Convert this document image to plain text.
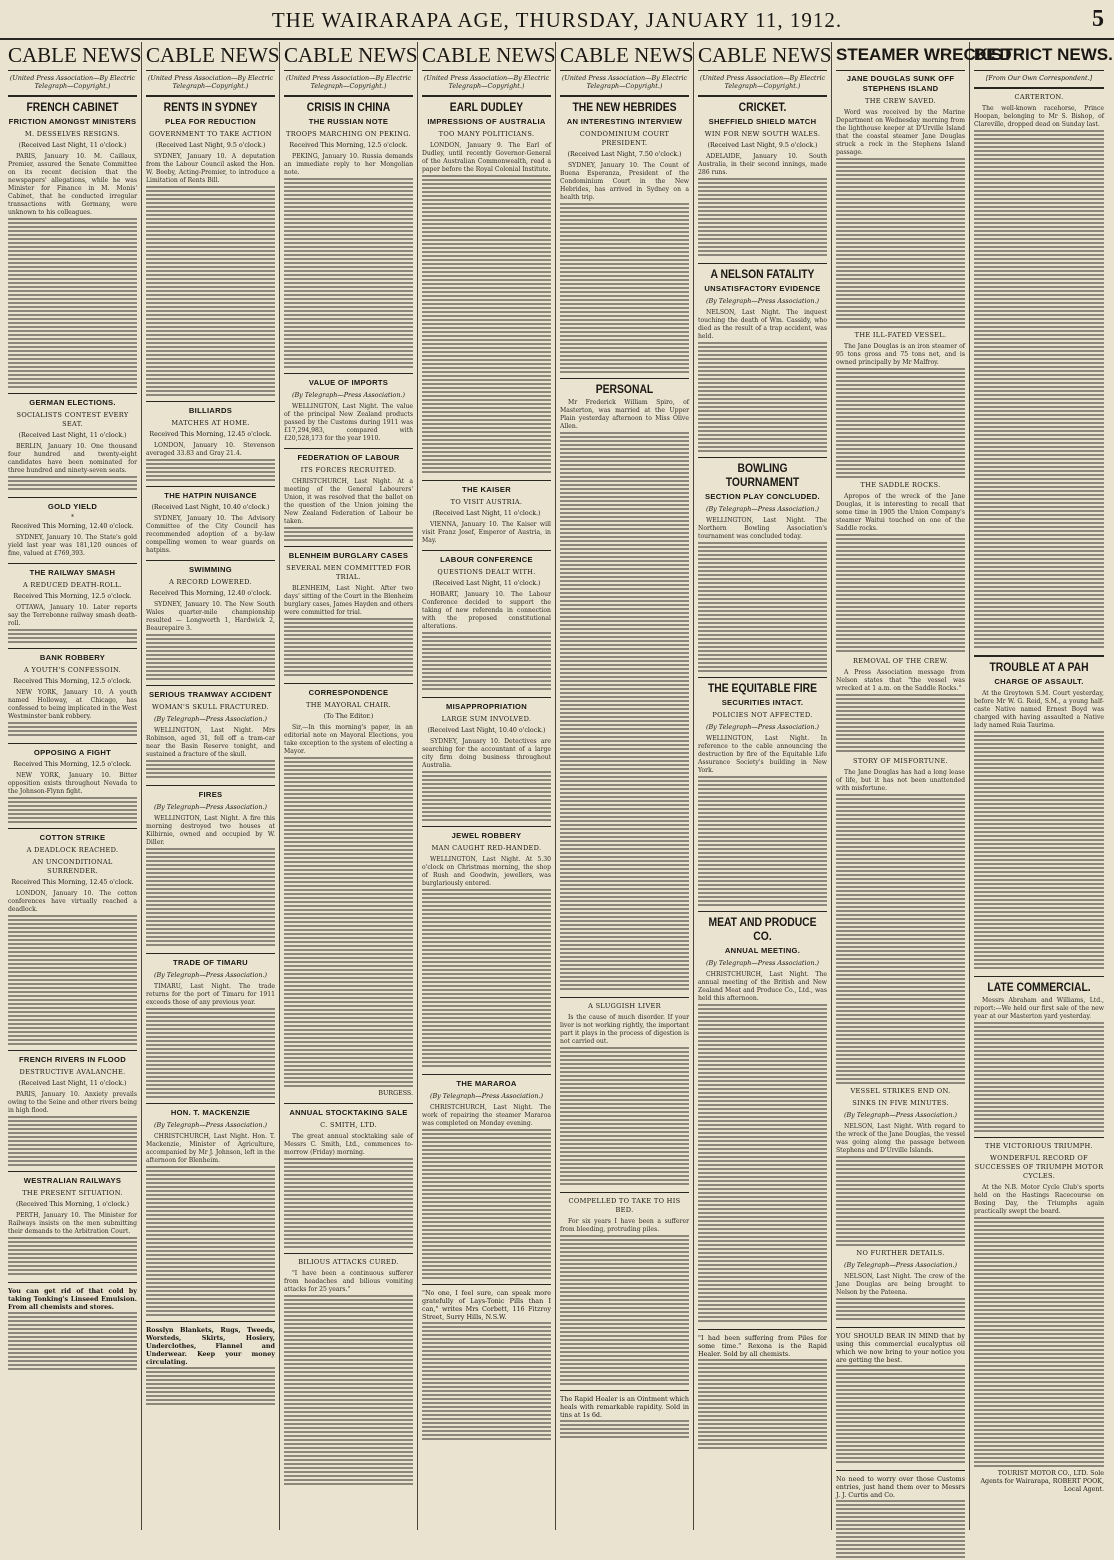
THE WAIRARAPA AGE, THURSDAY, JANUARY 11, 1912.	5
CABLE NEWS
(United Press Association—By Electric Telegraph—Copyright.)
FRENCH CABINET
FRICTION AMONGST MINISTERS
M. DESSELVES RESIGNS.
(Received Last Night, 11 o'clock.)

PARIS, January 10. M. Caillaux, Premier, assured the Senate Committee on its recent decision that the newspapers' allegations, while he was Minister for Finance in M. Monis' Cabinet, that he conducted irregular transactions with Germany, were unknown to his colleagues.

GERMAN ELECTIONS.
SOCIALISTS CONTEST EVERY SEAT.
(Received Last Night, 11 o'clock.)

BERLIN, January 10. One thousand four hundred and twenty-eight candidates have been nominated for three hundred and ninety-seven seats.

GOLD YIELD
*
Received This Morning, 12.40 o'clock.

SYDNEY, January 10. The State's gold yield last year was 181,120 ounces of fine, valued at £769,393.

THE RAILWAY SMASH
A REDUCED DEATH-ROLL.
Received This Morning, 12.5 o'clock.

OTTAWA, January 10. Later reports say the Terrebonne railway smash death-roll.

BANK ROBBERY
A YOUTH'S CONFESSOIN.
Received This Morning, 12.5 o'clock.

NEW YORK, January 10. A youth named Holloway, at Chicago, has confessed to being implicated in the West Westminster bank robbery.

OPPOSING A FIGHT
Received This Morning, 12.5 o'clock.

NEW YORK, January 10. Bitter opposition exists throughout Nevada to the Johnson-Flynn fight.

COTTON STRIKE
A DEADLOCK REACHED.
AN UNCONDITIONAL SURRENDER.
Received This Morning, 12.45 o'clock.

LONDON, January 10. The cotton conferences have virtually reached a deadlock.

FRENCH RIVERS IN FLOOD
DESTRUCTIVE AVALANCHE.
(Received Last Night, 11 o'clock.)

PARIS, January 10. Anxiety prevails owing to the Seine and other rivers being in high flood.

WESTRALIAN RAILWAYS
THE PRESENT SITUATION.
(Received This Morning, 1 o'clock.)

PERTH, January 10. The Minister for Railways insists on the men submitting their demands to the Arbitration Court.

You can get rid of that cold by taking Tonking's Linseed Emulsion. From all chemists and stores.
CABLE NEWS
(United Press Association—By Electric Telegraph—Copyright.)
RENTS IN SYDNEY
PLEA FOR REDUCTION
GOVERNMENT TO TAKE ACTION
(Received Last Night, 9.5 o'clock.)

SYDNEY, January 10. A deputation from the Labour Council asked the Hon. W. Beeby, Acting-Premier, to introduce a Limitation of Rents Bill.

BILLIARDS
MATCHES AT HOME.
Received This Morning, 12.45 o'clock.

LONDON, January 10. Stevenson averaged 33.83 and Gray 21.4.

THE HATPIN NUISANCE
(Received Last Night, 10.40 o'clock.)

SYDNEY, January 10. The Advisory Committee of the City Council has recommended adoption of a by-law compelling women to wear guards on hatpins.

SWIMMING
A RECORD LOWERED.
Received This Morning, 12.40 o'clock.

SYDNEY, January 10. The New South Wales quarter-mile championship resulted — Longworth 1, Hardwick 2, Beaurepaire 3.

SERIOUS TRAMWAY ACCIDENT
WOMAN'S SKULL FRACTURED.
(By Telegraph—Press Association.)

WELLINGTON, Last Night. Mrs Robinson, aged 31, fell off a tram-car near the Basin Reserve tonight, and sustained a fracture of the skull.

FIRES
(By Telegraph—Press Association.)

WELLINGTON, Last Night. A fire this morning destroyed two houses at Kilbirnie, owned and occupied by W. Diller.

TRADE OF TIMARU
(By Telegraph—Press Association.)

TIMARU, Last Night. The trade returns for the port of Timaru for 1911 exceeds those of any previous year.

HON. T. MACKENZIE
(By Telegraph—Press Association.)

CHRISTCHURCH, Last Night. Hon. T. Mackenzie, Minister of Agriculture, accompanied by Mr J. Johnson, left in the afternoon for Blenheim.

Rosslyn Blankets, Rugs, Tweeds, Worsteds, Skirts, Hosiery, Underclothes, Flannel and Underwear. Keep your money circulating.
CABLE NEWS
(United Press Association—By Electric Telegraph—Copyright.)
CRISIS IN CHINA
THE RUSSIAN NOTE
TROOPS MARCHING ON PEKING.
Received This Morning, 12.5 o'clock.

PEKING, January 10. Russia demands an immediate reply to her Mongolian note.

VALUE OF IMPORTS
(By Telegraph—Press Association.)

WELLINGTON, Last Night. The value of the principal New Zealand products passed by the Customs during 1911 was £17,294,983, compared with £20,528,173 for the year 1910.

FEDERATION OF LABOUR
ITS FORCES RECRUITED.

CHRISTCHURCH, Last Night. At a meeting of the General Labourers' Union, it was resolved that the ballot on the question of the Union joining the New Zealand Federation of Labour be taken.

BLENHEIM BURGLARY CASES
SEVERAL MEN COMMITTED FOR TRIAL.

BLENHEIM, Last Night. After two days' sitting of the Court in the Blenheim burglary cases, James Hayden and others were committed for trial.

CORRESPONDENCE
THE MAYORAL CHAIR.
(To The Editor.)

Sir,—In this morning's paper, in an editorial note on Mayoral Elections, you take exception to the system of electing a Mayor.

BURGESS.
ANNUAL STOCKTAKING SALE
C. SMITH, LTD.

The great annual stocktaking sale of Messrs C. Smith, Ltd., commences to-morrow (Friday) morning.

BILIOUS ATTACKS CURED.

"I have been a continuous sufferer from headaches and bilious vomiting attacks for 25 years."

CABLE NEWS
(United Press Association—By Electric Telegraph—Copyright.)
EARL DUDLEY
IMPRESSIONS OF AUSTRALIA
TOO MANY POLITICIANS.

LONDON, January 9. The Earl of Dudley, until recently Governor-General of the Australian Commonwealth, read a paper before the Royal Colonial Institute.

THE KAISER
TO VISIT AUSTRIA.
(Received Last Night, 11 o'clock.)

VIENNA, January 10. The Kaiser will visit Franz Josef, Emperor of Austria, in May.

LABOUR CONFERENCE
QUESTIONS DEALT WITH.
(Received Last Night, 11 o'clock.)

HOBART, January 10. The Labour Conference decided to support the taking of new referenda in connection with the proposed constitutional alterations.

MISAPPROPRIATION
LARGE SUM INVOLVED.
(Received Last Night, 10.40 o'clock.)

SYDNEY, January 10. Detectives are searching for the accountant of a large city firm doing business throughout Australia.

JEWEL ROBBERY
MAN CAUGHT RED-HANDED.

WELLINGTON, Last Night. At 5.30 o'clock on Christmas morning, the shop of Rush and Goodwin, jewellers, was burglariously entered.

THE MARAROA
(By Telegraph—Press Association.)

CHRISTCHURCH, Last Night. The work of repairing the steamer Mararoa was completed on Monday evening.

"No one, I feel sure, can speak more gratefully of Lays-Tonic Pills than I can," writes Mrs Corbett, 116 Fitzroy Street, Surry Hills, N.S.W.
CABLE NEWS
(United Press Association—By Electric Telegraph—Copyright.)
THE NEW HEBRIDES
AN INTERESTING INTERVIEW
CONDOMINIUM COURT PRESIDENT.
(Received Last Night, 7.50 o'clock.)

SYDNEY, January 10. The Count of Buena Esperanza, President of the Condominium Court in the New Hebrides, has arrived in Sydney on a health trip.

PERSONAL

Mr Frederick William Spiro, of Masterton, was married at the Upper Plain yesterday afternoon to Miss Olive Allen.

A SLUGGISH LIVER

Is the cause of much disorder. If your liver is not working rightly, the important part it plays in the process of digestion is not carried out.

COMPELLED TO TAKE TO HIS BED.

For six years I have been a sufferer from bleeding, protruding piles.

The Rapid Healer is an Ointment which heals with remarkable rapidity. Sold in tins at 1s 6d.
CABLE NEWS
(United Press Association—By Electric Telegraph—Copyright.)
CRICKET.
SHEFFIELD SHIELD MATCH
WIN FOR NEW SOUTH WALES.
(Received Last Night, 9.5 o'clock.)

ADELAIDE, January 10. South Australia, in their second innings, made 286 runs.

A NELSON FATALITY
UNSATISFACTORY EVIDENCE
(By Telegraph—Press Association.)

NELSON, Last Night. The inquest touching the death of Wm. Cassidy, who died as the result of a trap accident, was held.

BOWLING TOURNAMENT
SECTION PLAY CONCLUDED.
(By Telegraph—Press Association.)

WELLINGTON, Last Night. The Northern Bowling Association's tournament was concluded today.

THE EQUITABLE FIRE
SECURITIES INTACT.
POLICIES NOT AFFECTED.
(By Telegraph—Press Association.)

WELLINGTON, Last Night. In reference to the cable announcing the destruction by fire of the Equitable Life Assurance Society's building in New York.

MEAT AND PRODUCE CO.
ANNUAL MEETING.
(By Telegraph—Press Association.)

CHRISTCHURCH, Last Night. The annual meeting of the British and New Zealand Meat and Produce Co., Ltd., was held this afternoon.

"I had been suffering from Piles for some time." Rexona is the Rapid Healer. Sold by all chemists.
STEAMER WRECKED
JANE DOUGLAS SUNK OFF STEPHENS ISLAND
THE CREW SAVED.

Word was received by the Marine Department on Wednesday morning from the lighthouse keeper at D'Urville Island that the coastal steamer Jane Douglas struck a rock in the Stephens Island passage.

THE ILL-FATED VESSEL.

The Jane Douglas is an iron steamer of 95 tons gross and 75 tons net, and is owned principally by Mr Malfroy.

THE SADDLE ROCKS.

Apropos of the wreck of the Jane Douglas, it is interesting to recall that some time in 1905 the Union Company's steamer Waitui touched on one of the Saddle rocks.

REMOVAL OF THE CREW.

A Press Association message from Nelson states that "the vessel was wrecked at 1 a.m. on the Saddle Rocks."

STORY OF MISFORTUNE.

The Jane Douglas has had a long lease of life, but it has not been unattended with misfortune.

VESSEL STRIKES END ON.
SINKS IN FIVE MINUTES.
(By Telegraph—Press Association.)

NELSON, Last Night. With regard to the wreck of the Jane Douglas, the vessel was going along the passage between Stephens and D'Urville Islands.

NO FURTHER DETAILS.
(By Telegraph—Press Association.)

NELSON, Last Night. The crew of the Jane Douglas are being brought to Nelson by the Pateena.

YOU SHOULD BEAR IN MIND that by using this commercial eucalyptus oil which we now bring to your notice you are getting the best.
No need to worry over those Customs entries, just hand them over to Messrs J. J. Curtis and Co.
DISTRICT NEWS.
[From Our Own Correspondent.]
CARTERTON.

The well-known racehorse, Prince Hoopan, belonging to Mr S. Bishop, of Clareville, dropped dead on Sunday last.

TROUBLE AT A PAH
CHARGE OF ASSAULT.

At the Greytown S.M. Court yesterday, before Mr W. G. Reid, S.M., a young half-caste Native named Ernest Boyd was charged with having assaulted a Native lady named Ruia Taurima.

LATE COMMERCIAL.

Messrs Abraham and Williams, Ltd., report:—We held our first sale of the new year at our Masterton yard yesterday.

THE VICTORIOUS TRIUMPH.
WONDERFUL RECORD OF SUCCESSES OF TRIUMPH MOTOR CYCLES.

At the N.B. Motor Cycle Club's sports held on the Hastings Racecourse on Boxing Day, the Triumphs again practically swept the board.

TOURIST MOTOR CO., LTD. Sole Agents for Wairarapa, ROBERT POOK, Local Agent.
